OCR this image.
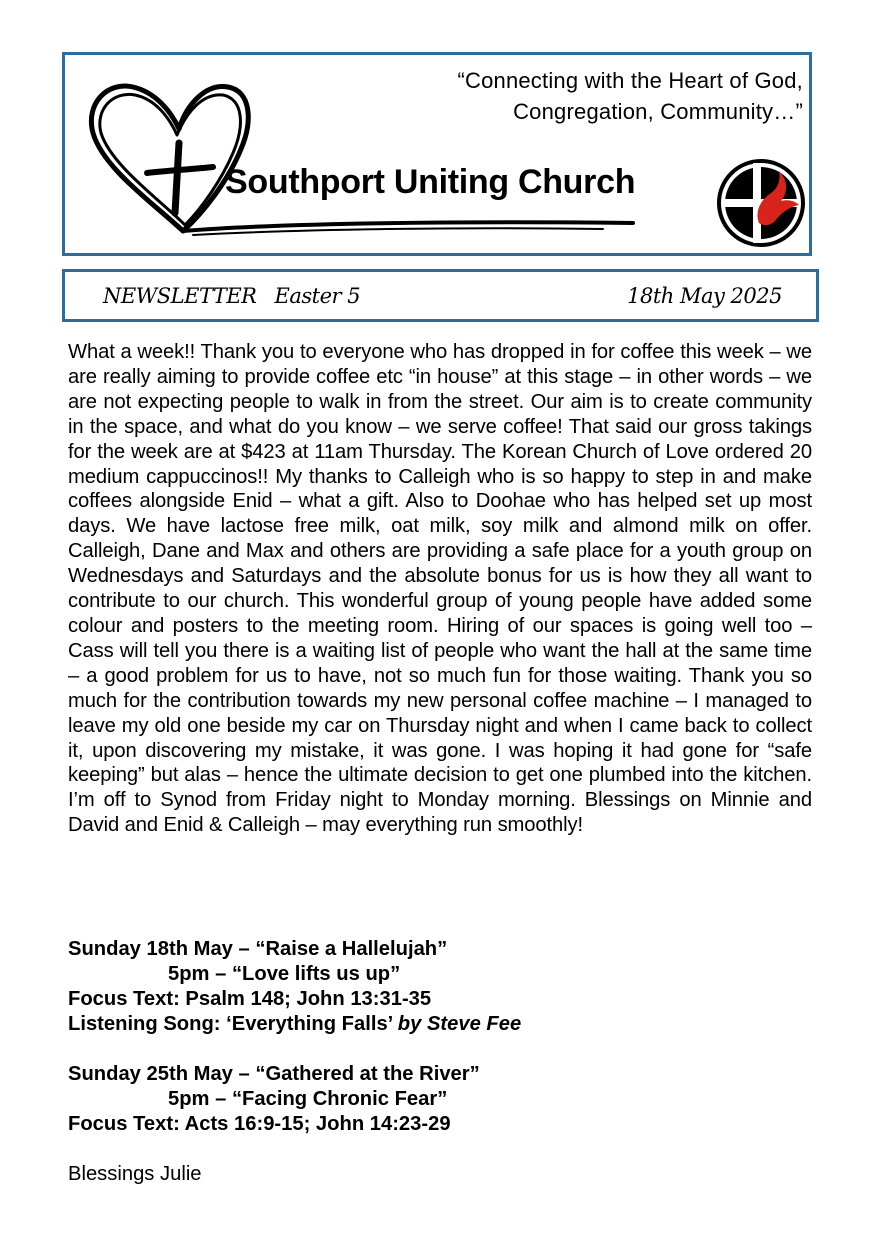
“Connecting with the Heart of God,
Congregation, Community…”
Southport Uniting Church
NEWSLETTER Easter 5	18th May 2025
What a week!! Thank you to everyone who has dropped in for coffee this week – we are really aiming to provide coffee etc “in house” at this stage – in other words – we are not expecting people to walk in from the street. Our aim is to create community in the space, and what do you know – we serve coffee! That said our gross takings for the week are at $423 at 11am Thursday. The Korean Church of Love ordered 20 medium cappuccinos!! My thanks to Calleigh who is so happy to step in and make coffees alongside Enid – what a gift. Also to Doohae who has helped set up most days. We have lactose free milk, oat milk, soy milk and almond milk on offer. Calleigh, Dane and Max and others are providing a safe place for a youth group on Wednesdays and Saturdays and the absolute bonus for us is how they all want to contribute to our church. This wonderful group of young people have added some colour and posters to the meeting room. Hiring of our spaces is going well too – Cass will tell you there is a waiting list of people who want the hall at the same time – a good problem for us to have, not so much fun for those waiting. Thank you so much for the contribution towards my new personal coffee machine – I managed to leave my old one beside my car on Thursday night and when I came back to collect it, upon discovering my mistake, it was gone. I was hoping it had gone for “safe keeping” but alas – hence the ultimate decision to get one plumbed into the kitchen. I’m off to Synod from Friday night to Monday morning. Blessings on Minnie and David and Enid & Calleigh – may everything run smoothly!
Sunday 18th May – “Raise a Hallelujah”
5pm – “Love lifts us up”
Focus Text: Psalm 148; John 13:31-35
Listening Song: ‘Everything Falls’ by Steve Fee
Sunday 25th May – “Gathered at the River”
5pm – “Facing Chronic Fear”
Focus Text: Acts 16:9-15; John 14:23-29
Blessings Julie
